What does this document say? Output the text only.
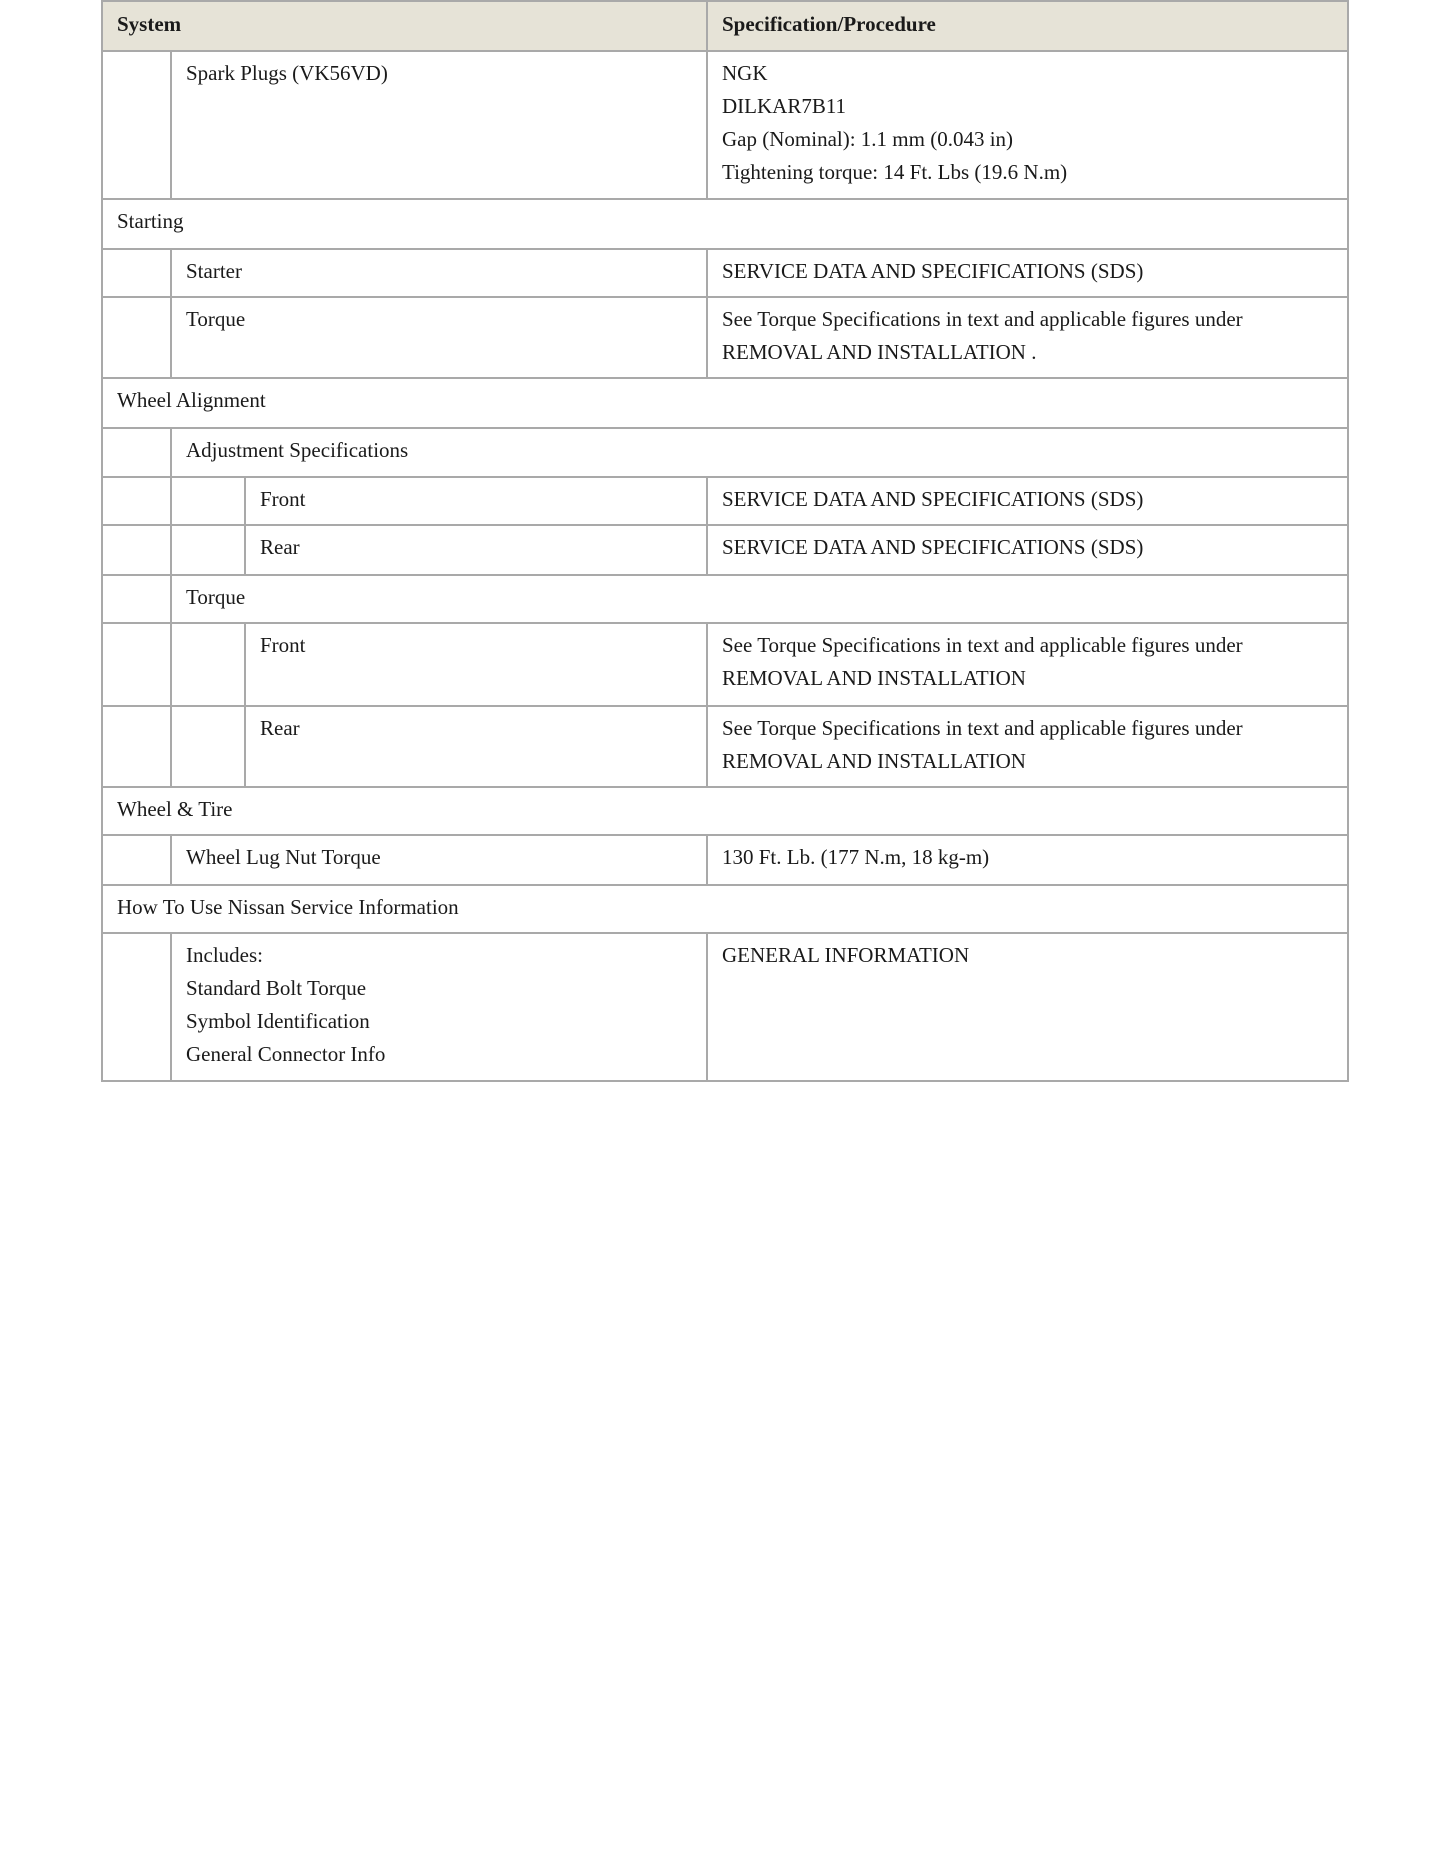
System			Specification/Procedure
	Spark Plugs (VK56VD)		NGK
DILKAR7B11
Gap (Nominal): 1.1 mm (0.043 in)
Tightening torque: 14 Ft. Lbs (19.6 N.m)

Starting			
	Starter		SERVICE DATA AND SPECIFICATIONS (SDS)
	Torque		See Torque Specifications in text and applicable figures under
REMOVAL AND INSTALLATION .

Wheel Alignment			
	Adjustment Specifications		
		Front	SERVICE DATA AND SPECIFICATIONS (SDS)
		Rear	SERVICE DATA AND SPECIFICATIONS (SDS)
	Torque		
		Front	See Torque Specifications in text and applicable figures under
REMOVAL AND INSTALLATION

		Rear	See Torque Specifications in text and applicable figures under
REMOVAL AND INSTALLATION

Wheel & Tire			
	Wheel Lug Nut Torque		130 Ft. Lb. (177 N.m, 18 kg-m)
How To Use Nissan Service Information			

	Includes:
Standard Bolt Torque
Symbol Identification
General Connector Info		GENERAL INFORMATION
